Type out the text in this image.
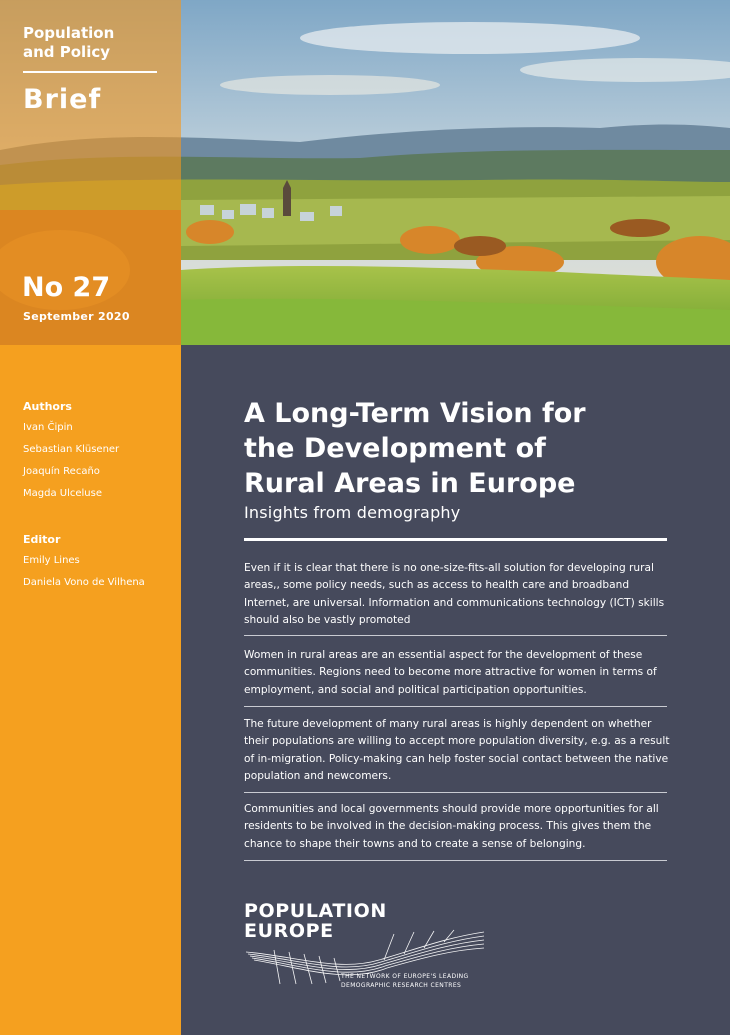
Population
and Policy
Brief
No 27
September 2020
Authors
Ivan Čipin
Sebastian Klüsener
Joaquín Recaño
Magda Ulceluse
Editor
Emily Lines
Daniela Vono de Vilhena
A Long-Term Vision for
the Development of
Rural Areas in Europe
Insights from demography

Even if it is clear that there is no one-size-fits-all solution for developing rural areas,, some policy needs, such as access to health care and broadband Internet, are universal. Information and communications technology (ICT) skills should also be vastly promoted

Women in rural areas are an essential aspect for the development of these communities. Regions need to become more attractive for women in terms of employment, and social and political participation opportunities.

The future development of many rural areas is highly dependent on whether their populations are willing to accept more population diversity, e.g. as a result of in-migration. Policy-making can help foster social contact between the native population and newcomers.

Communities and local governments should provide more opportunities for all residents to be involved in the decision-making process. This gives them the chance to shape their towns and to create a sense of belonging.

POPULATION
EUROPE
THE NETWORK OF EUROPE'S LEADING
DEMOGRAPHIC RESEARCH CENTRES
